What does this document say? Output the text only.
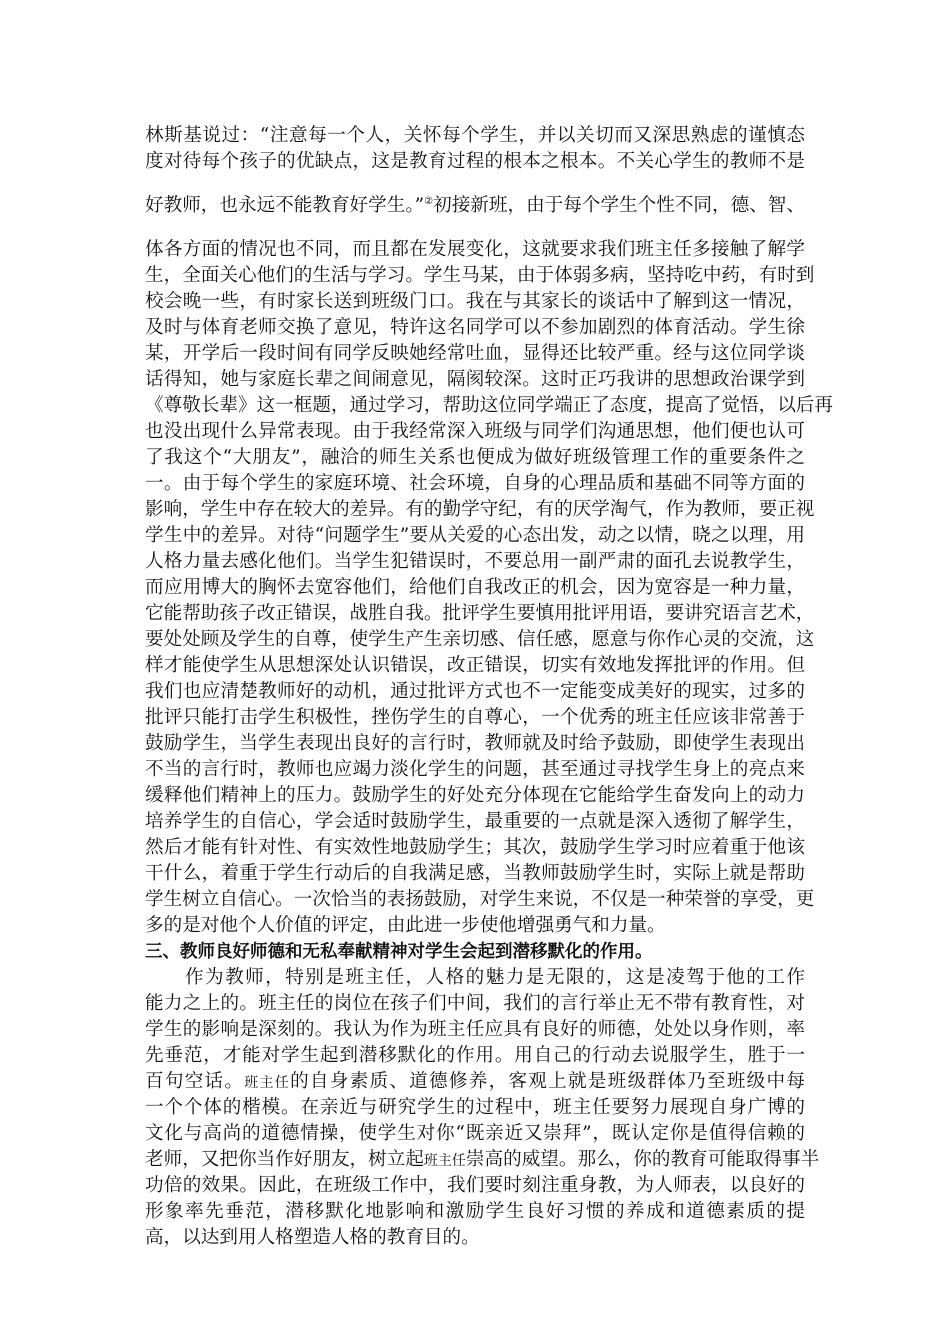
林斯基说过：“注意每一个人，关怀每个学生，并以关切而又深思熟虑的谨慎态
度对待每个孩子的优缺点，这是教育过程的根本之根本。不关心学生的教师不是
好教师，也永远不能教育好学生。”②初接新班，由于每个学生个性不同，德、智、
体各方面的情况也不同，而且都在发展变化，这就要求我们班主任多接触了解学
生，全面关心他们的生活与学习。学生马某，由于体弱多病，坚持吃中药，有时到
校会晚一些，有时家长送到班级门口。我在与其家长的谈话中了解到这一情况，
及时与体育老师交换了意见，特许这名同学可以不参加剧烈的体育活动。学生徐
某，开学后一段时间有同学反映她经常吐血，显得还比较严重。经与这位同学谈
话得知，她与家庭长辈之间闹意见，隔阂较深。这时正巧我讲的思想政治课学到
《尊敬长辈》这一框题，通过学习，帮助这位同学端正了态度，提高了觉悟，以后再
也没出现什么异常表现。由于我经常深入班级与同学们沟通思想，他们便也认可
了我这个“大朋友”，融洽的师生关系也便成为做好班级管理工作的重要条件之
一。由于每个学生的家庭环境、社会环境，自身的心理品质和基础不同等方面的
影响，学生中存在较大的差异。有的勤学守纪，有的厌学淘气，作为教师，要正视
学生中的差异。对待“问题学生”要从关爱的心态出发，动之以情，晓之以理，用
人格力量去感化他们。当学生犯错误时，不要总用一副严肃的面孔去说教学生，
而应用博大的胸怀去宽容他们，给他们自我改正的机会，因为宽容是一种力量，
它能帮助孩子改正错误，战胜自我。批评学生要慎用批评用语，要讲究语言艺术，
要处处顾及学生的自尊，使学生产生亲切感、信任感，愿意与你作心灵的交流，这
样才能使学生从思想深处认识错误，改正错误，切实有效地发挥批评的作用。但
我们也应清楚教师好的动机，通过批评方式也不一定能变成美好的现实，过多的
批评只能打击学生积极性，挫伤学生的自尊心，一个优秀的班主任应该非常善于
鼓励学生，当学生表现出良好的言行时，教师就及时给予鼓励，即使学生表现出
不当的言行时，教师也应竭力淡化学生的问题，甚至通过寻找学生身上的亮点来
缓释他们精神上的压力。鼓励学生的好处充分体现在它能给学生奋发向上的动力
培养学生的自信心，学会适时鼓励学生，最重要的一点就是深入透彻了解学生，
然后才能有针对性、有实效性地鼓励学生；其次，鼓励学生学习时应着重于他该
干什么，着重于学生行动后的自我满足感，当教师鼓励学生时，实际上就是帮助
学生树立自信心。一次恰当的表扬鼓励，对学生来说，不仅是一种荣誉的享受，更
多的是对他个人价值的评定，由此进一步使他增强勇气和力量。
三、教师良好师德和无私奉献精神对学生会起到潜移默化的作用。
作为教师，特别是班主任，人格的魅力是无限的，这是凌驾于他的工作
能力之上的。班主任的岗位在孩子们中间，我们的言行举止无不带有教育性，对
学生的影响是深刻的。我认为作为班主任应具有良好的师德，处处以身作则，率
先垂范，才能对学生起到潜移默化的作用。用自己的行动去说服学生，胜于一
百句空话。班主任的自身素质、道德修养，客观上就是班级群体乃至班级中每
一个个体的楷模。在亲近与研究学生的过程中，班主任要努力展现自身广博的
文化与高尚的道德情操，使学生对你“既亲近又崇拜”，既认定你是值得信赖的
老师，又把你当作好朋友，树立起班主任崇高的威望。那么，你的教育可能取得事半
功倍的效果。因此，在班级工作中，我们要时刻注重身教，为人师表，以良好的
形象率先垂范，潜移默化地影响和激励学生良好习惯的养成和道德素质的提
高，以达到用人格塑造人格的教育目的。
